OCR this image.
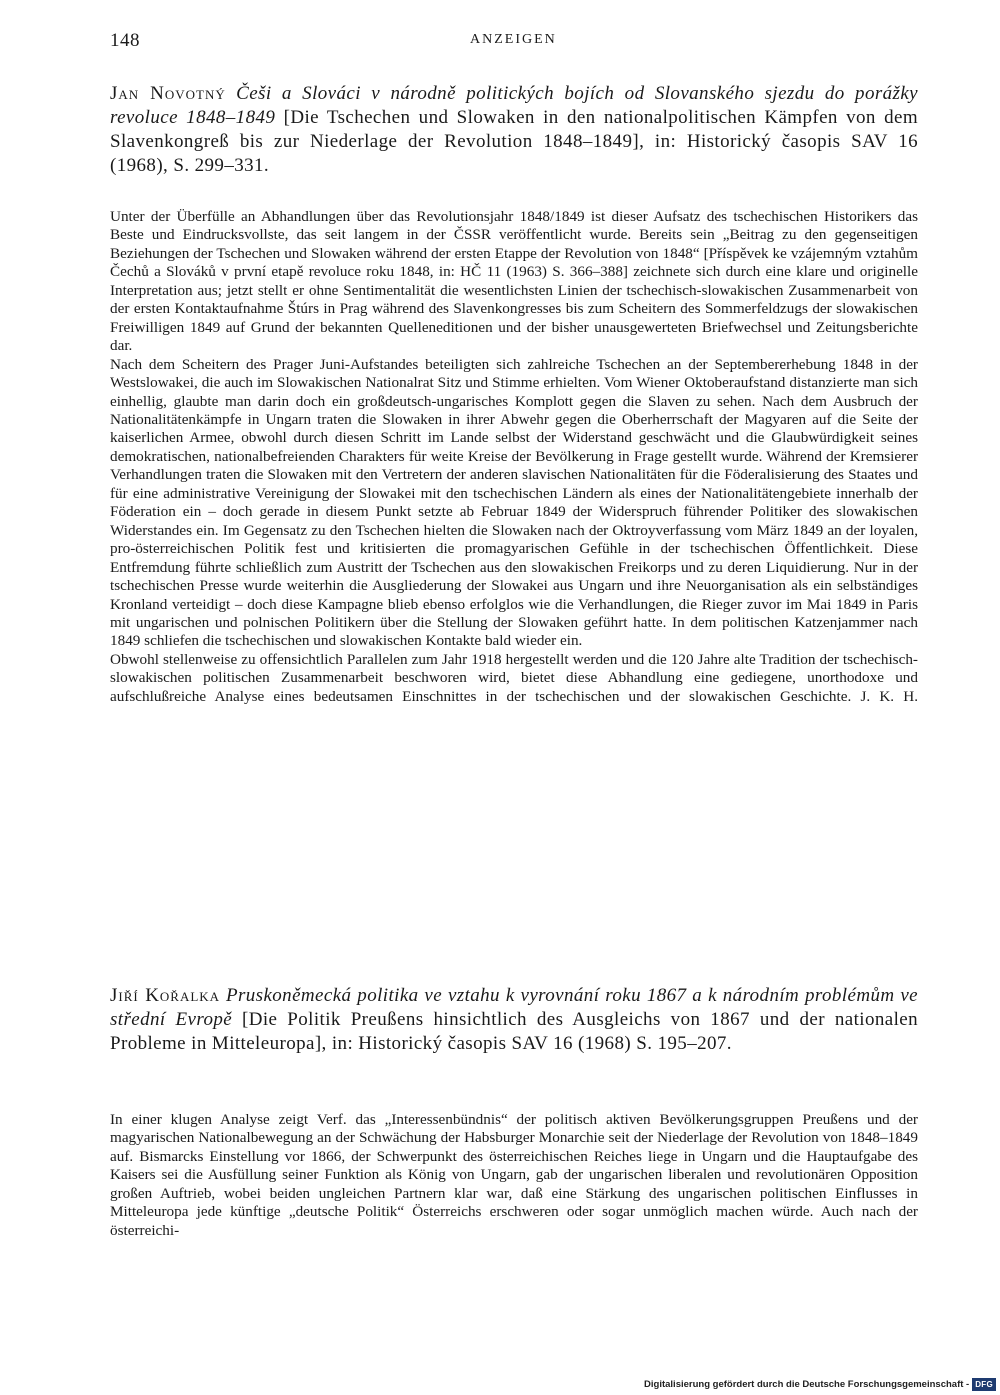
148	ANZEIGEN
Jan Novotný Češi a Slováci v národně politických bojích od Slovanského sjezdu do porážky revoluce 1848–1849 [Die Tschechen und Slowaken in den nationalpolitischen Kämpfen von dem Slavenkongreß bis zur Niederlage der Revolution 1848–1849], in: Historický časopis SAV 16 (1968), S. 299–331.

Unter der Überfülle an Abhandlungen über das Revolutionsjahr 1848/1849 ist dieser Aufsatz des tschechischen Historikers das Beste und Eindrucksvollste, das seit langem in der ČSSR veröffentlicht wurde. Bereits sein „Beitrag zu den gegenseitigen Beziehungen der Tschechen und Slowaken während der ersten Etappe der Revolution von 1848“ [Příspěvek ke vzájemným vztahům Čechů a Slováků v první etapě revoluce roku 1848, in: HČ 11 (1963) S. 366–388] zeichnete sich durch eine klare und originelle Interpretation aus; jetzt stellt er ohne Sentimentalität die wesentlichsten Linien der tschechisch-slowakischen Zusammenarbeit von der ersten Kontaktaufnahme Štúrs in Prag während des Slavenkongresses bis zum Scheitern des Sommerfeldzugs der slowakischen Freiwilligen 1849 auf Grund der bekannten Quelleneditionen und der bisher unausgewerteten Briefwechsel und Zeitungsberichte dar.

Nach dem Scheitern des Prager Juni-Aufstandes beteiligten sich zahlreiche Tschechen an der Septembererhebung 1848 in der Westslowakei, die auch im Slowakischen Nationalrat Sitz und Stimme erhielten. Vom Wiener Oktoberaufstand distanzierte man sich einhellig, glaubte man darin doch ein großdeutsch-ungarisches Komplott gegen die Slaven zu sehen. Nach dem Ausbruch der Nationalitätenkämpfe in Ungarn traten die Slowaken in ihrer Abwehr gegen die Oberherrschaft der Magyaren auf die Seite der kaiserlichen Armee, obwohl durch diesen Schritt im Lande selbst der Widerstand geschwächt und die Glaubwürdigkeit seines demokratischen, nationalbefreienden Charakters für weite Kreise der Bevölkerung in Frage gestellt wurde. Während der Kremsierer Verhandlungen traten die Slowaken mit den Vertretern der anderen slavischen Nationalitäten für die Föderalisierung des Staates und für eine administrative Vereinigung der Slowakei mit den tschechischen Ländern als eines der Nationalitätengebiete innerhalb der Föderation ein – doch gerade in diesem Punkt setzte ab Februar 1849 der Widerspruch führender Politiker des slowakischen Widerstandes ein. Im Gegensatz zu den Tschechen hielten die Slowaken nach der Oktroyverfassung vom März 1849 an der loyalen, pro-österreichischen Politik fest und kritisierten die promagyarischen Gefühle in der tschechischen Öffentlichkeit. Diese Entfremdung führte schließlich zum Austritt der Tschechen aus den slowakischen Freikorps und zu deren Liquidierung. Nur in der tschechischen Presse wurde weiterhin die Ausgliederung der Slowakei aus Ungarn und ihre Neuorganisation als ein selbständiges Kronland verteidigt – doch diese Kampagne blieb ebenso erfolglos wie die Verhandlungen, die Rieger zuvor im Mai 1849 in Paris mit ungarischen und polnischen Politikern über die Stellung der Slowaken geführt hatte. In dem politischen Katzenjammer nach 1849 schliefen die tschechischen und slowakischen Kontakte bald wieder ein.

Obwohl stellenweise zu offensichtlich Parallelen zum Jahr 1918 hergestellt werden und die 120 Jahre alte Tradition der tschechisch-slowakischen politischen Zusammenarbeit beschworen wird, bietet diese Abhandlung eine gediegene, unorthodoxe und aufschlußreiche Analyse eines bedeutsamen Einschnittes in der tschechischen und der slowakischen Geschichte. J. K. H.

Jiří Kořalka Pruskoněmecká politika ve vztahu k vyrovnání roku 1867 a k národním problémům ve střední Evropě [Die Politik Preußens hinsichtlich des Ausgleichs von 1867 und der nationalen Probleme in Mitteleuropa], in: Historický časopis SAV 16 (1968) S. 195–207.

In einer klugen Analyse zeigt Verf. das „Interessenbündnis“ der politisch aktiven Bevölkerungsgruppen Preußens und der magyarischen Nationalbewegung an der Schwächung der Habsburger Monarchie seit der Niederlage der Revolution von 1848–1849 auf. Bismarcks Einstellung vor 1866, der Schwerpunkt des österreichischen Reiches liege in Ungarn und die Hauptaufgabe des Kaisers sei die Ausfüllung seiner Funktion als König von Ungarn, gab der ungarischen liberalen und revolutionären Opposition großen Auftrieb, wobei beiden ungleichen Partnern klar war, daß eine Stärkung des ungarischen politischen Einflusses in Mitteleuropa jede künftige „deutsche Politik“ Österreichs erschweren oder sogar unmöglich machen würde. Auch nach der österreichi-

Digitalisierung gefördert durch die Deutsche Forschungsgemeinschaft - DFG
